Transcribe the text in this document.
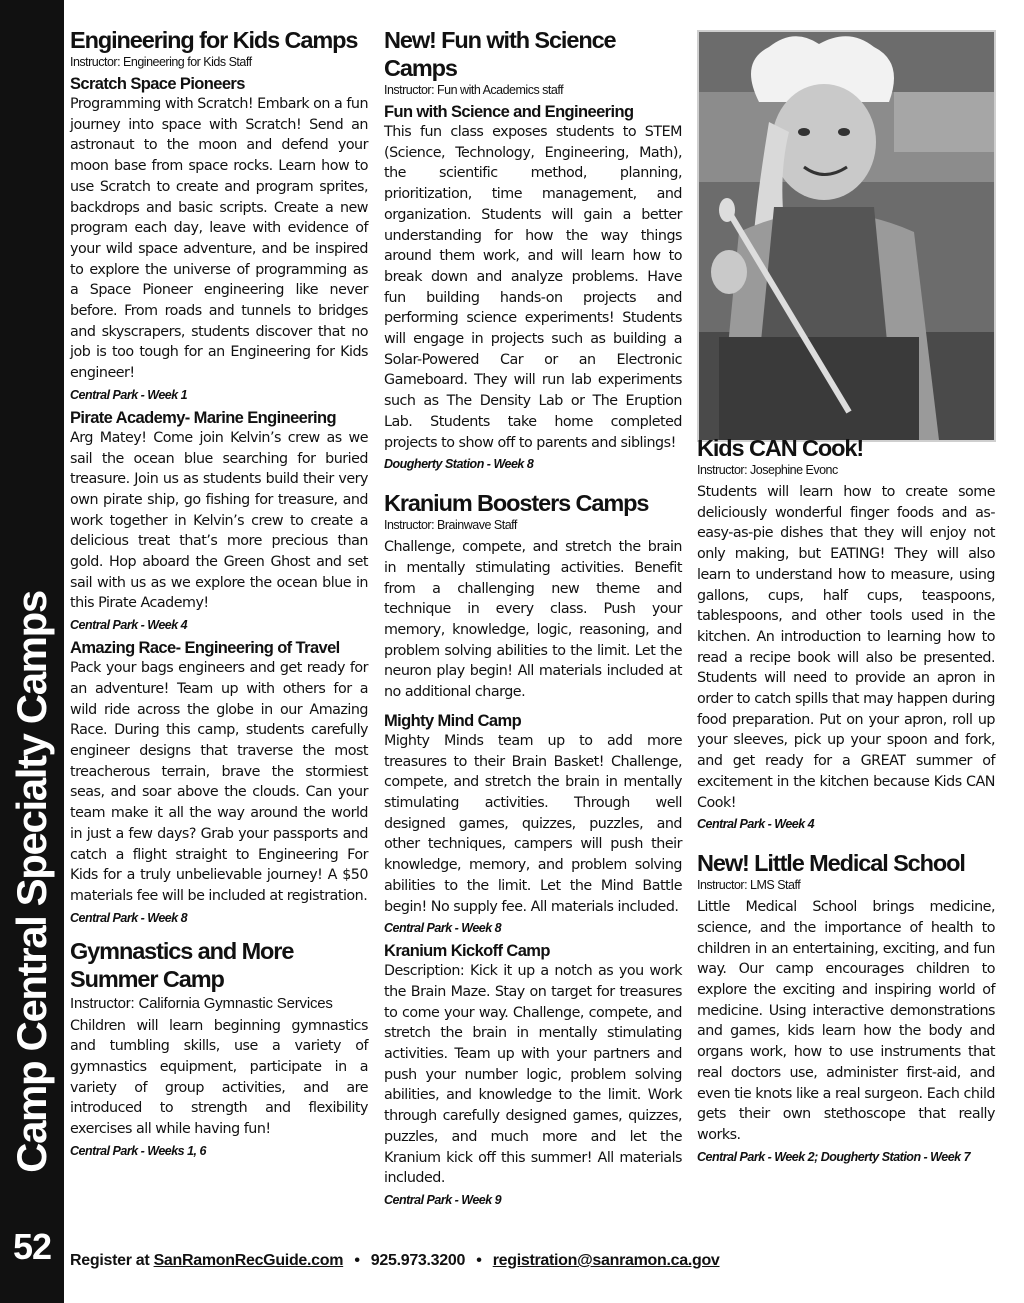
Camp Central Specialty Camps
52
Engineering for Kids Camps
Instructor: Engineering for Kids Staff
Scratch Space Pioneers

Programming with Scratch! Embark on a fun journey into space with Scratch! Send an astronaut to the moon and defend your moon base from space rocks. Learn how to use Scratch to create and program sprites, backdrops and basic scripts. Create a new program each day, leave with evidence of your wild space adventure, and be inspired to explore the universe of programming as a Space Pioneer engineering like never before. From roads and tunnels to bridges and skyscrapers, students discover that no job is too tough for an Engineering for Kids engineer!

Central Park - Week 1
Pirate Academy- Marine Engineering

Arg Matey! Come join Kelvin’s crew as we sail the ocean blue searching for buried treasure. Join us as students build their very own pirate ship, go fishing for treasure, and work together in Kelvin’s crew to create a delicious treat that’s more precious than gold. Hop aboard the Green Ghost and set sail with us as we explore the ocean blue in this Pirate Academy!

Central Park - Week 4
Amazing Race- Engineering of Travel

Pack your bags engineers and get ready for an adventure! Team up with others for a wild ride across the globe in our Amazing Race. During this camp, students carefully engineer designs that traverse the most treacherous terrain, brave the stormiest seas, and soar above the clouds. Can your team make it all the way around the world in just a few days? Grab your passports and catch a flight straight to Engineering For Kids for a truly unbelievable journey! A $50 materials fee will be included at registration.

Central Park - Week 8
Gymnastics and More Summer Camp
Instructor: California Gymnastic Services

Children will learn beginning gymnastics and tumbling skills, use a variety of gymnastics equipment, participate in a variety of group activities, and are introduced to strength and flexibility exercises all while having fun!

Central Park - Weeks 1, 6
New! Fun with Science Camps
Instructor: Fun with Academics staff
Fun with Science and Engineering

This fun class exposes students to STEM (Science, Technology, Engineering, Math), the scientific method, planning, prioritization, time management, and organization. Students will gain a better understanding for how the way things around them work, and will learn how to break down and analyze problems. Have fun building hands-on projects and performing science experiments! Students will engage in projects such as building a Solar-Powered Car or an Electronic Gameboard. They will run lab experiments such as The Density Lab or The Eruption Lab. Students take home completed projects to show off to parents and siblings!

Dougherty Station - Week 8
Kranium Boosters Camps
Instructor: Brainwave Staff

Challenge, compete, and stretch the brain in mentally stimulating activities. Benefit from a challenging new theme and technique in every class. Push your memory, knowledge, logic, reasoning, and problem solving abilities to the limit. Let the neuron play begin! All materials included at no additional charge.

Mighty Mind Camp

Mighty Minds team up to add more treasures to their Brain Basket! Challenge, compete, and stretch the brain in mentally stimulating activities. Through well designed games, quizzes, puzzles, and other techniques, campers will push their knowledge, memory, and problem solving abilities to the limit. Let the Mind Battle begin! No supply fee. All materials included.

Central Park - Week 8
Kranium Kickoff Camp

Description: Kick it up a notch as you work the Brain Maze. Stay on target for treasures to come your way. Challenge, compete, and stretch the brain in mentally stimulating activities. Team up with your partners and push your number logic, problem solving abilities, and knowledge to the limit. Work through carefully designed games, quizzes, puzzles, and much more and let the Kranium kick off this summer! All materials included.

Central Park - Week 9
Kids CAN Cook!
Instructor: Josephine Evonc

Students will learn how to create some deliciously wonderful finger foods and as-easy-as-pie dishes that they will enjoy not only making, but EATING! They will also learn to understand how to measure, using gallons, cups, half cups, teaspoons, tablespoons, and other tools used in the kitchen. An introduction to learning how to read a recipe book will also be presented. Students will need to provide an apron in order to catch spills that may happen during food preparation. Put on your apron, roll up your sleeves, pick up your spoon and fork, and get ready for a GREAT summer of excitement in the kitchen because Kids CAN Cook!

Central Park - Week 4
New! Little Medical School
Instructor: LMS Staff

Little Medical School brings medicine, science, and the importance of health to children in an entertaining, exciting, and fun way. Our camp encourages children to explore the exciting and inspiring world of medicine. Using interactive demonstrations and games, kids learn how the body and organs work, how to use instruments that real doctors use, administer first-aid, and even tie knots like a real surgeon. Each child gets their own stethoscope that really works.

Central Park - Week 2; Dougherty Station - Week 7
Register at SanRamonRecGuide.com • 925.973.3200 • registration@sanramon.ca.gov
